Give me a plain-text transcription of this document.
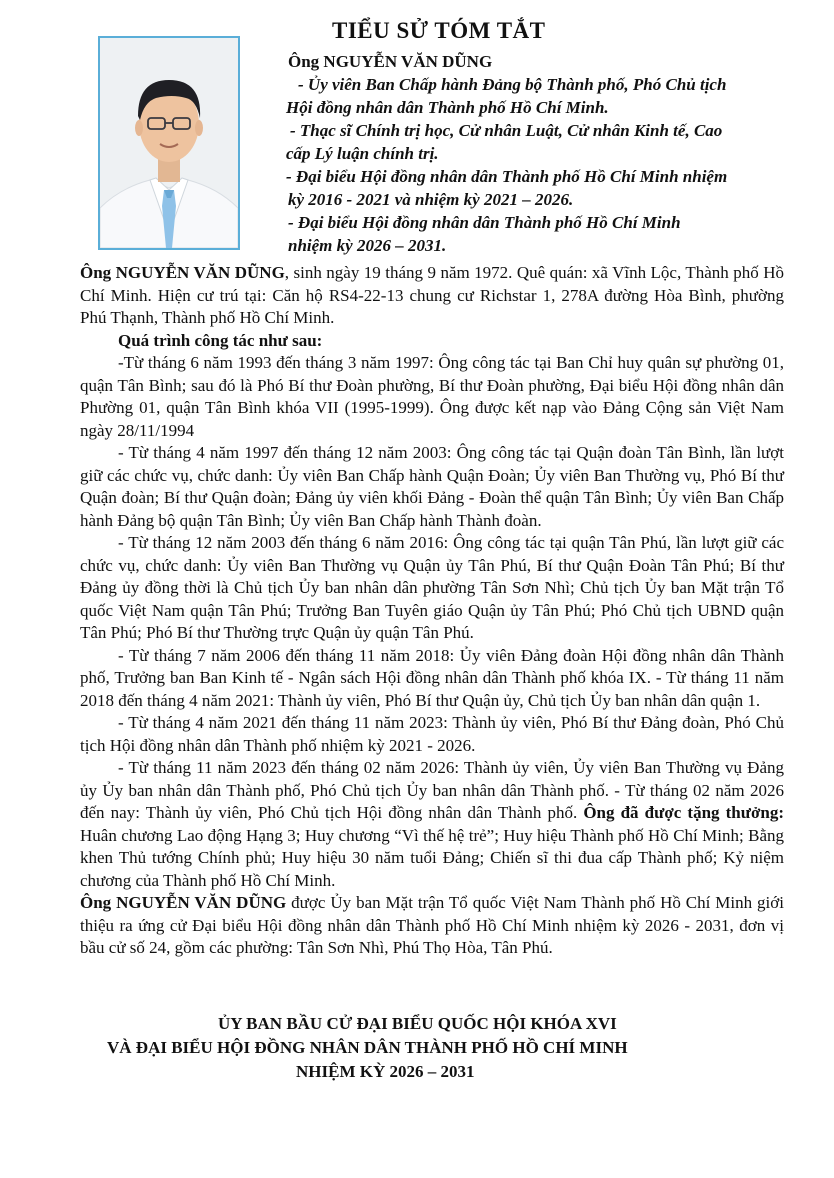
TIỂU SỬ TÓM TẮT
Ông NGUYỄN VĂN DŨNG
- Ủy viên Ban Chấp hành Đảng bộ Thành phố, Phó Chủ tịch
Hội đồng nhân dân Thành phố Hồ Chí Minh.
- Thạc sĩ Chính trị học, Cử nhân Luật, Cử nhân Kinh tế, Cao
cấp Lý luận chính trị.
- Đại biểu Hội đồng nhân dân Thành phố Hồ Chí Minh nhiệm
kỳ 2016 - 2021 và nhiệm kỳ 2021 – 2026.
- Đại biểu Hội đồng nhân dân Thành phố Hồ Chí Minh
nhiệm kỳ 2026 – 2031.

Ông NGUYỄN VĂN DŨNG, sinh ngày 19 tháng 9 năm 1972. Quê quán: xã Vĩnh Lộc, Thành phố Hồ Chí Minh. Hiện cư trú tại: Căn hộ RS4-22-13 chung cư Richstar 1, 278A đường Hòa Bình, phường Phú Thạnh, Thành phố Hồ Chí Minh.

Quá trình công tác như sau:

-Từ tháng 6 năm 1993 đến tháng 3 năm 1997: Ông công tác tại Ban Chỉ huy quân sự phường 01, quận Tân Bình; sau đó là Phó Bí thư Đoàn phường, Bí thư Đoàn phường, Đại biểu Hội đồng nhân dân Phường 01, quận Tân Bình khóa VII (1995-1999). Ông được kết nạp vào Đảng Cộng sản Việt Nam ngày 28/11/1994

- Từ tháng 4 năm 1997 đến tháng 12 năm 2003: Ông công tác tại Quận đoàn Tân Bình, lần lượt giữ các chức vụ, chức danh: Ủy viên Ban Chấp hành Quận Đoàn; Ủy viên Ban Thường vụ, Phó Bí thư Quận đoàn; Bí thư Quận đoàn; Đảng ủy viên khối Đảng - Đoàn thể quận Tân Bình; Ủy viên Ban Chấp hành Đảng bộ quận Tân Bình; Ủy viên Ban Chấp hành Thành đoàn.

- Từ tháng 12 năm 2003 đến tháng 6 năm 2016: Ông công tác tại quận Tân Phú, lần lượt giữ các chức vụ, chức danh: Ủy viên Ban Thường vụ Quận ủy Tân Phú, Bí thư Quận Đoàn Tân Phú; Bí thư Đảng ủy đồng thời là Chủ tịch Ủy ban nhân dân phường Tân Sơn Nhì; Chủ tịch Ủy ban Mặt trận Tổ quốc Việt Nam quận Tân Phú; Trưởng Ban Tuyên giáo Quận ủy Tân Phú; Phó Chủ tịch UBND quận Tân Phú; Phó Bí thư Thường trực Quận ủy quận Tân Phú.

- Từ tháng 7 năm 2006 đến tháng 11 năm 2018: Ủy viên Đảng đoàn Hội đồng nhân dân Thành phố, Trưởng ban Ban Kinh tế - Ngân sách Hội đồng nhân dân Thành phố khóa IX. - Từ tháng 11 năm 2018 đến tháng 4 năm 2021: Thành ủy viên, Phó Bí thư Quận ủy, Chủ tịch Ủy ban nhân dân quận 1.

- Từ tháng 4 năm 2021 đến tháng 11 năm 2023: Thành ủy viên, Phó Bí thư Đảng đoàn, Phó Chủ tịch Hội đồng nhân dân Thành phố nhiệm kỳ 2021 - 2026.

- Từ tháng 11 năm 2023 đến tháng 02 năm 2026: Thành ủy viên, Ủy viên Ban Thường vụ Đảng ủy Ủy ban nhân dân Thành phố, Phó Chủ tịch Ủy ban nhân dân Thành phố. - Từ tháng 02 năm 2026 đến nay: Thành ủy viên, Phó Chủ tịch Hội đồng nhân dân Thành phố. Ông đã được tặng thưởng: Huân chương Lao động Hạng 3; Huy chương “Vì thế hệ trẻ”; Huy hiệu Thành phố Hồ Chí Minh; Bằng khen Thủ tướng Chính phủ; Huy hiệu 30 năm tuổi Đảng; Chiến sĩ thi đua cấp Thành phố; Kỷ niệm chương của Thành phố Hồ Chí Minh.

Ông NGUYỄN VĂN DŨNG được Ủy ban Mặt trận Tổ quốc Việt Nam Thành phố Hồ Chí Minh giới thiệu ra ứng cử Đại biểu Hội đồng nhân dân Thành phố Hồ Chí Minh nhiệm kỳ 2026 - 2031, đơn vị bầu cử số 24, gồm các phường: Tân Sơn Nhì, Phú Thọ Hòa, Tân Phú.

ỦY BAN BẦU CỬ ĐẠI BIỂU QUỐC HỘI KHÓA XVI
VÀ ĐẠI BIỂU HỘI ĐỒNG NHÂN DÂN THÀNH PHỐ HỒ CHÍ MINH
NHIỆM KỲ 2026 – 2031
